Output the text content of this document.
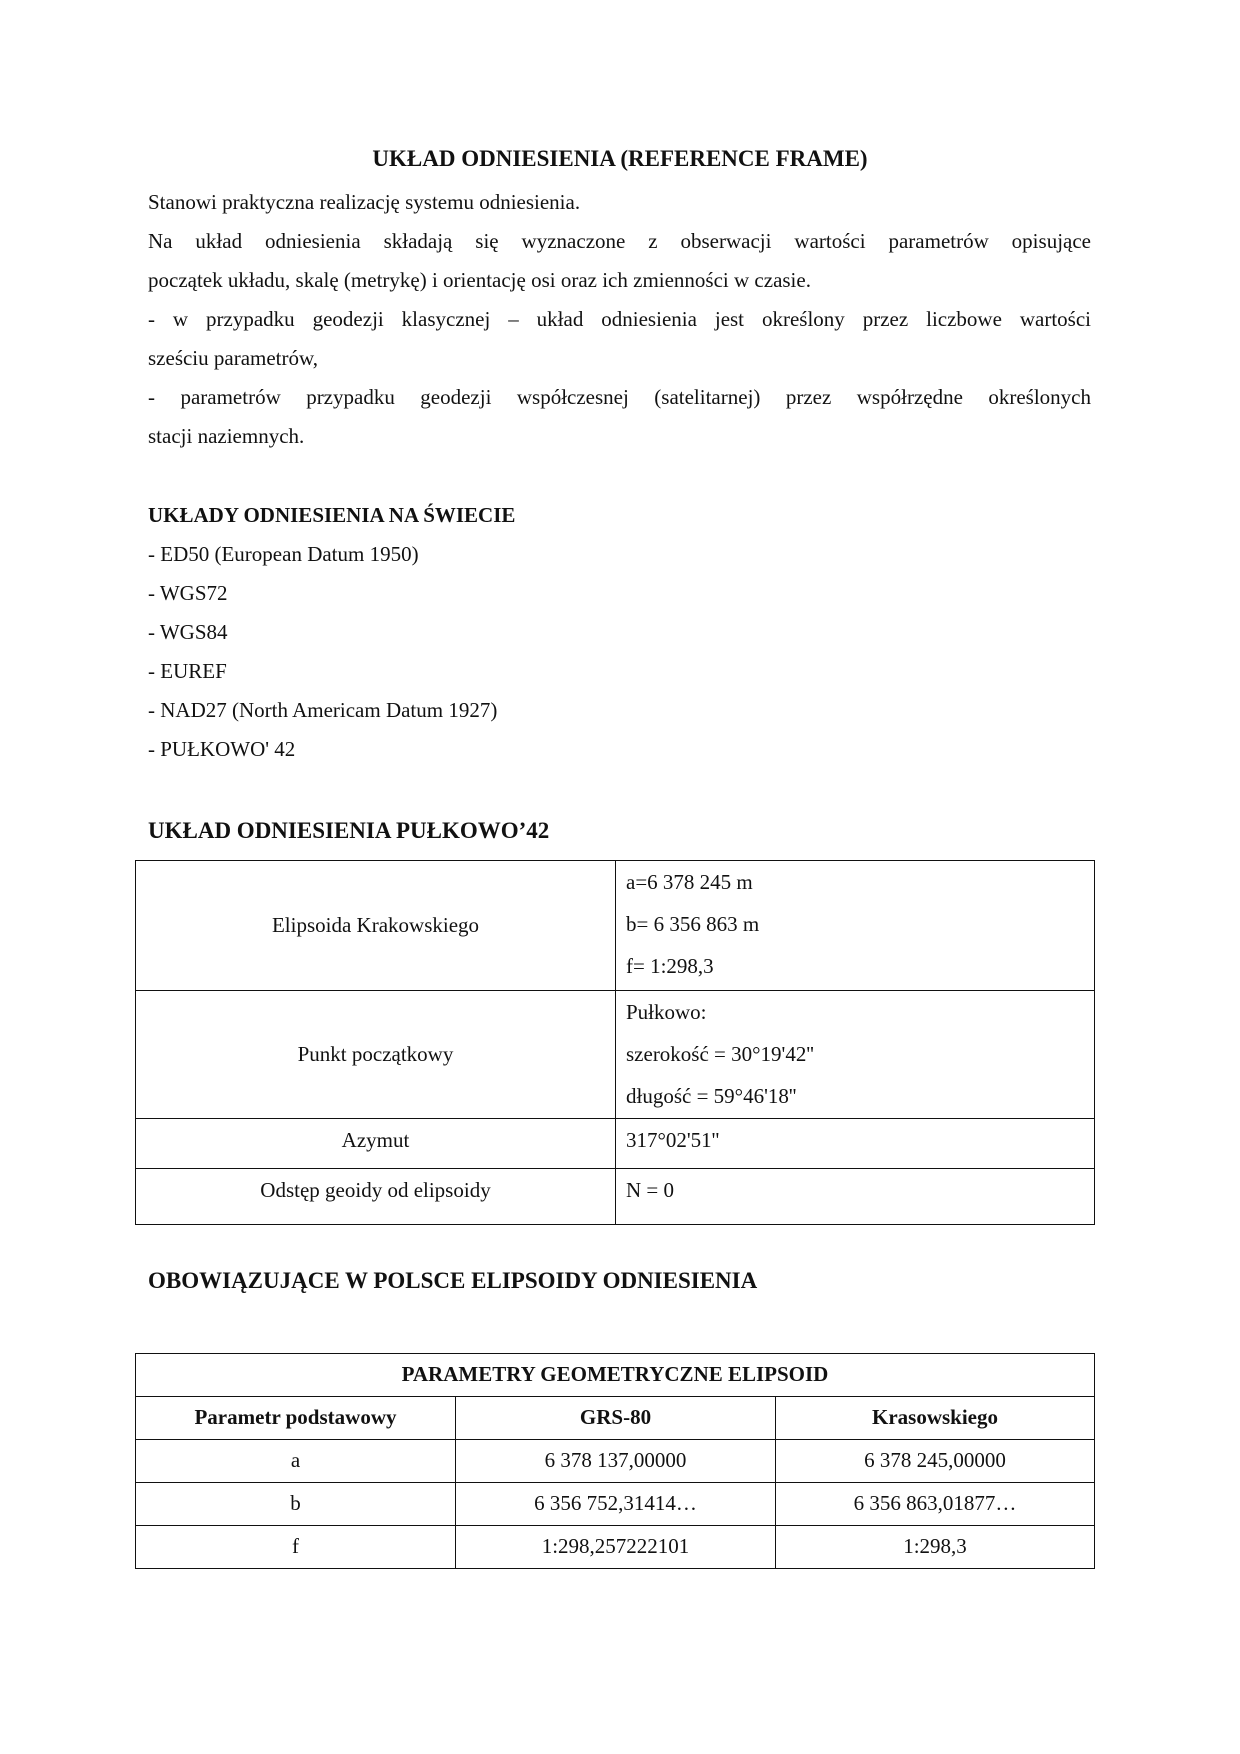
UKŁAD ODNIESIENIA (REFERENCE FRAME)
Stanowi praktyczna realizację systemu odniesienia.
Na układ odniesienia składają się wyznaczone z obserwacji wartości parametrów opisujące
początek układu, skalę (metrykę) i orientację osi oraz ich zmienności w czasie.
- w przypadku geodezji klasycznej – układ odniesienia jest określony przez liczbowe wartości
sześciu parametrów,
- parametrów przypadku geodezji współczesnej (satelitarnej) przez współrzędne określonych
stacji naziemnych.
UKŁADY ODNIESIENIA NA ŚWIECIE
- ED50 (European Datum 1950)
- WGS72
- WGS84
- EUREF
- NAD27 (North Americam Datum 1927)
- PUŁKOWO' 42
UKŁAD ODNIESIENIA PUŁKOWO’42
Elipsoida Krakowskiego	a=6 378 245 m
b= 6 356 863 m
f= 1:298,3

Punkt początkowy	Pułkowo:
szerokość = 30°19'42''
długość = 59°46'18''

Azymut	317°02'51''

Odstęp geoidy od elipsoidy	N = 0
OBOWIĄZUJĄCE W POLSCE ELIPSOIDY ODNIESIENIA
PARAMETRY GEOMETRYCZNE ELIPSOID		
Parametr podstawowy	GRS-80	Krasowskiego
a	6 378 137,00000	6 378 245,00000
b	6 356 752,31414…	6 356 863,01877…
f	1:298,257222101	1:298,3
